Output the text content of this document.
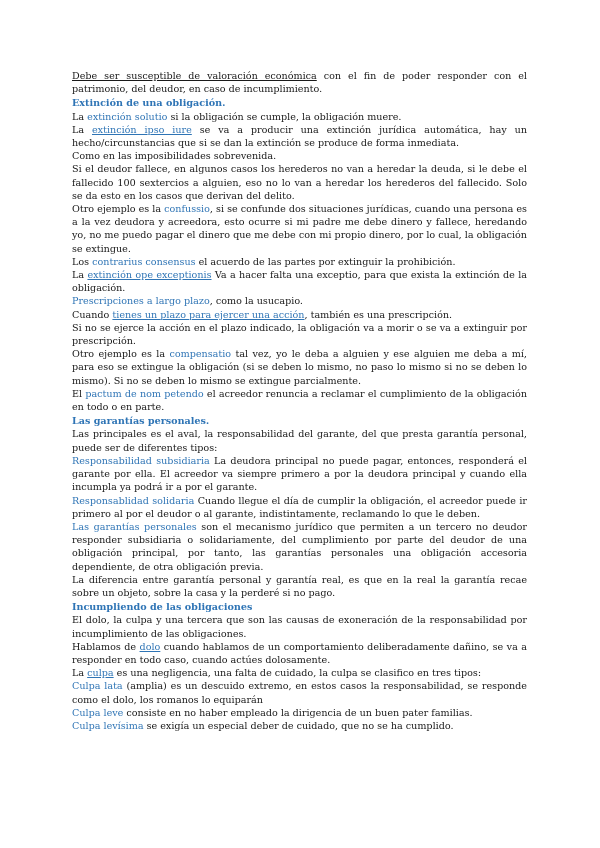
Debe ser susceptible de valoración económica con el fin de poder responder con el patrimonio, del deudor, en caso de incumplimiento.

Extinción de una obligación.

La extinción solutio si la obligación se cumple, la obligación muere.

La extinción ipso iure se va a producir una extinción jurídica automática, hay un hecho/circunstancias que si se dan la extinción se produce de forma inmediata.

Como en las imposibilidades sobrevenida.

Si el deudor fallece, en algunos casos los herederos no van a heredar la deuda, si le debe el fallecido 100 sextercios a alguien, eso no lo van a heredar los herederos del fallecido. Solo se da esto en los casos que derivan del delito.

Otro ejemplo es la confussio, si se confunde dos situaciones jurídicas, cuando una persona es a la vez deudora y acreedora, esto ocurre si mi padre me debe dinero y fallece, heredando yo, no me puedo pagar el dinero que me debe con mi propio dinero, por lo cual, la obligación se extingue.

Los contrarius consensus el acuerdo de las partes por extinguir la prohibición.

La extinción ope exceptionis Va a hacer falta una exceptio, para que exista la extinción de la obligación.

Prescripciones a largo plazo, como la usucapio.

Cuando tienes un plazo para ejercer una acción, también es una prescripción.

Si no se ejerce la acción en el plazo indicado, la obligación va a morir o se va a extinguir por prescripción.

Otro ejemplo es la compensatio tal vez, yo le deba a alguien y ese alguien me deba a mí, para eso se extingue la obligación (si se deben lo mismo, no paso lo mismo si no se deben lo mismo). Si no se deben lo mismo se extingue parcialmente.

El pactum de nom petendo el acreedor renuncia a reclamar el cumplimiento de la obligación en todo o en parte.

Las garantías personales.

Las principales es el aval, la responsabilidad del garante, del que presta garantía personal, puede ser de diferentes tipos:

Responsabilidad subsidiaria La deudora principal no puede pagar, entonces, responderá el garante por ella. El acreedor va siempre primero a por la deudora principal y cuando ella incumpla ya podrá ir a por el garante.

Responsablidad solidaria Cuando llegue el día de cumplir la obligación, el acreedor puede ir primero al por el deudor o al garante, indistintamente, reclamando lo que le deben.

Las garantías personales son el mecanismo jurídico que permiten a un tercero no deudor responder subsidiaria o solidariamente, del cumplimiento por parte del deudor de una obligación principal, por tanto, las garantías personales una obligación accesoria dependiente, de otra obligación previa.

La diferencia entre garantía personal y garantía real, es que en la real la garantía recae sobre un objeto, sobre la casa y la perderé si no pago.

Incumpliendo de las obligaciones

El dolo, la culpa y una tercera que son las causas de exoneración de la responsabilidad por incumplimiento de las obligaciones.

Hablamos de dolo cuando hablamos de un comportamiento deliberadamente dañino, se va a responder en todo caso, cuando actúes dolosamente.

La culpa es una negligencia, una falta de cuidado, la culpa se clasifico en tres tipos:

Culpa lata (amplia) es un descuido extremo, en estos casos la responsabilidad, se responde como el dolo, los romanos lo equiparán

Culpa leve consiste en no haber empleado la dirigencia de un buen pater familias.

Culpa levísima se exigía un especial deber de cuidado, que no se ha cumplido.
